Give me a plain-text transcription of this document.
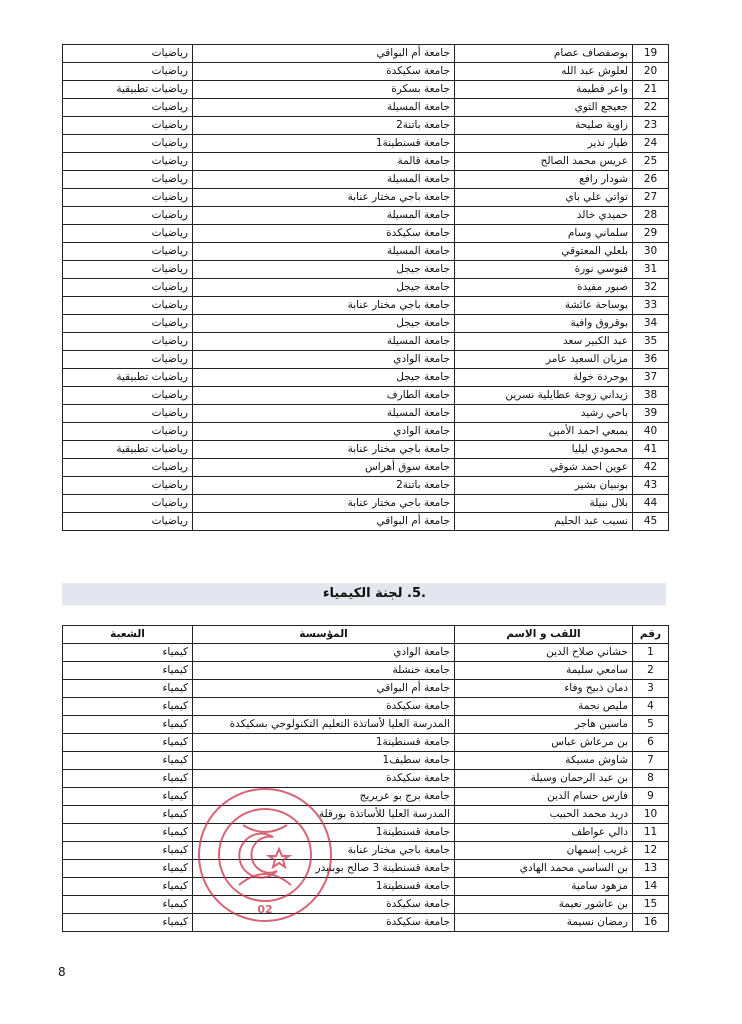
19	بوصفصاف عصام	جامعة أم البواقي	رياضيات
20	لعلوش عبد الله	جامعة سكيكدة	رياضيات
21	واعر فطيمة	جامعة بسكرة	رياضيات تطبيقية
22	جعيجع الثوي	جامعة المسيلة	رياضيات
23	زاوية صليحة	جامعة باتنة2	رياضيات
24	طيار نذير	جامعة قسنطينة1	رياضيات
25	عريس محمد الصالح	جامعة قالمة	رياضيات
26	شودار رافع	جامعة المسيلة	رياضيات
27	تواتي علي باي	جامعة باجي مختار عنابة	رياضيات
28	حميدي خالد	جامعة المسيلة	رياضيات
29	سلماني وسام	جامعة سكيكدة	رياضيات
30	بلعلي المعتوقي	جامعة المسيلة	رياضيات
31	فنوسي نورة	جامعة جيجل	رياضيات
32	صبور مفيدة	جامعة جيجل	رياضيات
33	بوساحة عائشة	جامعة باجي مختار عنابة	رياضيات
34	بوقروق وافية	جامعة جيجل	رياضيات
35	عبد الكبير سعد	جامعة المسيلة	رياضيات
36	مزيان السعيد عامر	جامعة الوادي	رياضيات
37	بوجردة خولة	جامعة جيجل	رياضيات تطبيقية
38	زيداني زوجة عطايلية نسرين	جامعة الطارف	رياضيات
39	باحي رشيد	جامعة المسيلة	رياضيات
40	يمبعي احمد الأمين	جامعة الوادي	رياضيات
41	محمودي ليليا	جامعة باجي مختار عنابة	رياضيات تطبيقية
42	عوين احمد شوقي	جامعة سوق أهراس	رياضيات
43	بونبيان بشير	جامعة باتنة2	رياضيات
44	بلال نبيلة	جامعة باجي مختار عنابة	رياضيات
45	نسيب عبد الحليم	جامعة أم البواقي	رياضيات
.5. لجنة الكيمياء
رقم	اللقب و الاسم	المؤسسة	الشعبة
1	حشاني صلاح الدين	جامعة الوادي	كيمياء
2	سامعي سليمة	جامعة خنشلة	كيمياء
3	دمان ذبيح وفاء	جامعة أم البواقي	كيمياء
4	مليص نجمة	جامعة سكيكدة	كيمياء
5	ماسين هاجر	المدرسة العليا لأساتذة التعليم التكنولوجي بسكيكدة	كيمياء
6	بن مرعاش عباس	جامعة قسنطينة1	كيمياء
7	شاوش مسيكة	جامعة سطيف1	كيمياء
8	بن عبد الرحمان وسيلة	جامعة سكيكدة	كيمياء
9	فارس حسام الدين	جامعة برج بو عريريج	كيمياء
10	دريد محمد الحبيب	المدرسة العليا للأساتذة بورقلة	كيمياء
11	دالي عواطف	جامعة قسنطينة1	كيمياء
12	غريب إسمهان	جامعة باجي مختار عنابة	كيمياء
13	بن الساسي محمد الهادي	جامعة قسنطينة 3 صالح بوبنيدر	كيمياء
14	مزهود سامية	جامعة قسنطينة1	كيمياء
15	بن عاشور نعيمة	جامعة سكيكدة	كيمياء
16	رمضان نسيمة	جامعة سكيكدة	كيمياء
02
8
